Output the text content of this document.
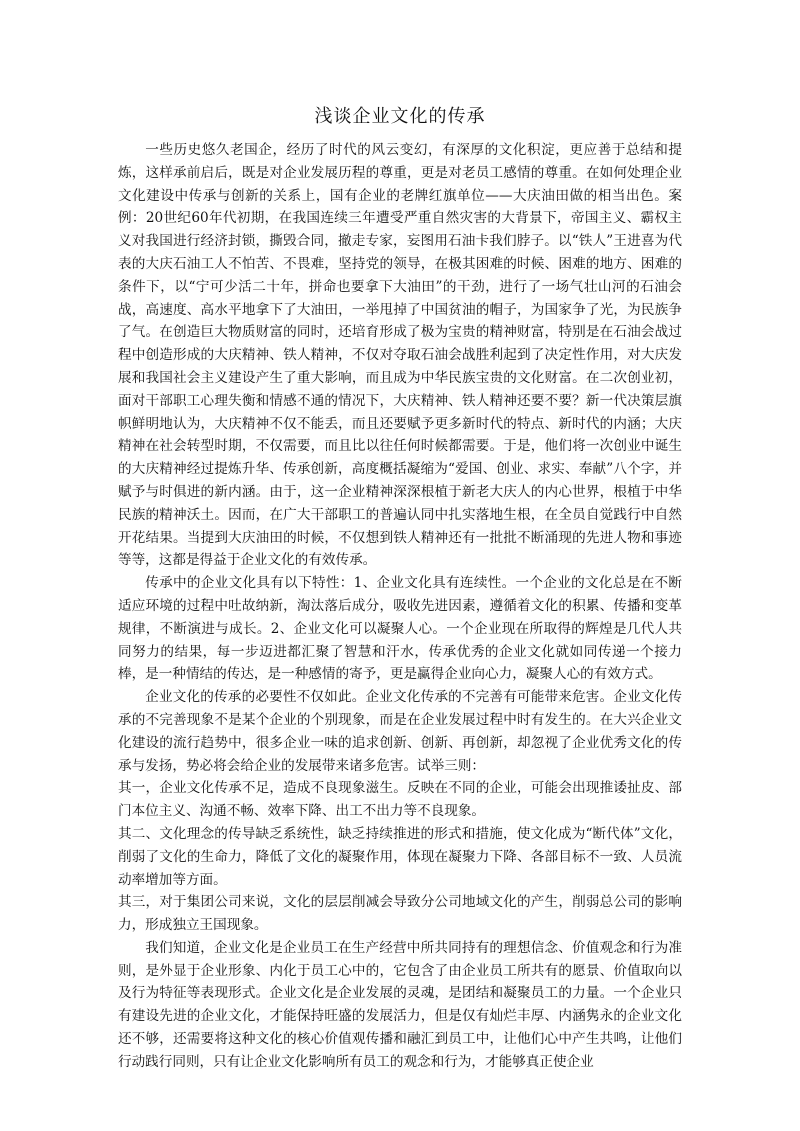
浅谈企业文化的传承

一些历史悠久老国企，经历了时代的风云变幻，有深厚的文化积淀，更应善于总结和提炼，这样承前启后，既是对企业发展历程的尊重，更是对老员工感情的尊重。在如何处理企业文化建设中传承与创新的关系上，国有企业的老牌红旗单位——大庆油田做的相当出色。案例：20世纪60年代初期，在我国连续三年遭受严重自然灾害的大背景下，帝国主义、霸权主义对我国进行经济封锁，撕毁合同，撤走专家，妄图用石油卡我们脖子。以“铁人”王进喜为代表的大庆石油工人不怕苦、不畏难，坚持党的领导，在极其困难的时候、困难的地方、困难的条件下，以“宁可少活二十年，拼命也要拿下大油田”的干劲，进行了一场气壮山河的石油会战，高速度、高水平地拿下了大油田，一举甩掉了中国贫油的帽子，为国家争了光，为民族争了气。在创造巨大物质财富的同时，还培育形成了极为宝贵的精神财富，特别是在石油会战过程中创造形成的大庆精神、铁人精神，不仅对夺取石油会战胜利起到了决定性作用，对大庆发展和我国社会主义建设产生了重大影响，而且成为中华民族宝贵的文化财富。在二次创业初，面对干部职工心理失衡和情感不通的情况下，大庆精神、铁人精神还要不要？新一代决策层旗帜鲜明地认为，大庆精神不仅不能丢，而且还要赋予更多新时代的特点、新时代的内涵；大庆精神在社会转型时期，不仅需要，而且比以往任何时候都需要。于是，他们将一次创业中诞生的大庆精神经过提炼升华、传承创新，高度概括凝缩为“爱国、创业、求实、奉献”八个字，并赋予与时俱进的新内涵。由于，这一企业精神深深根植于新老大庆人的内心世界，根植于中华民族的精神沃土。因而，在广大干部职工的普遍认同中扎实落地生根，在全员自觉践行中自然开花结果。当提到大庆油田的时候，不仅想到铁人精神还有一批批不断涌现的先进人物和事迹等等，这都是得益于企业文化的有效传承。

传承中的企业文化具有以下特性：1、企业文化具有连续性。一个企业的文化总是在不断适应环境的过程中吐故纳新，淘汰落后成分，吸收先进因素，遵循着文化的积累、传播和变革规律，不断演进与成长。2、企业文化可以凝聚人心。一个企业现在所取得的辉煌是几代人共同努力的结果，每一步迈进都汇聚了智慧和汗水，传承优秀的企业文化就如同传递一个接力棒，是一种情结的传达，是一种感情的寄予，更是赢得企业向心力，凝聚人心的有效方式。

企业文化的传承的必要性不仅如此。企业文化传承的不完善有可能带来危害。企业文化传承的不完善现象不是某个企业的个别现象，而是在企业发展过程中时有发生的。在大兴企业文化建设的流行趋势中，很多企业一味的追求创新、创新、再创新，却忽视了企业优秀文化的传承与发扬，势必将会给企业的发展带来诸多危害。试举三则：

其一，企业文化传承不足，造成不良现象滋生。反映在不同的企业，可能会出现推诿扯皮、部门本位主义、沟通不畅、效率下降、出工不出力等不良现象。

其二、文化理念的传导缺乏系统性，缺乏持续推进的形式和措施，使文化成为“断代体”文化，削弱了文化的生命力，降低了文化的凝聚作用，体现在凝聚力下降、各部目标不一致、人员流动率增加等方面。

其三，对于集团公司来说，文化的层层削减会导致分公司地域文化的产生，削弱总公司的影响力，形成独立王国现象。

我们知道，企业文化是企业员工在生产经营中所共同持有的理想信念、价值观念和行为准则，是外显于企业形象、内化于员工心中的，它包含了由企业员工所共有的愿景、价值取向以及行为特征等表现形式。企业文化是企业发展的灵魂，是团结和凝聚员工的力量。一个企业只有建设先进的企业文化，才能保持旺盛的发展活力，但是仅有灿烂丰厚、内涵隽永的企业文化还不够，还需要将这种文化的核心价值观传播和融汇到员工中，让他们心中产生共鸣，让他们行动践行同则，只有让企业文化影响所有员工的观念和行为，才能够真正使企业
